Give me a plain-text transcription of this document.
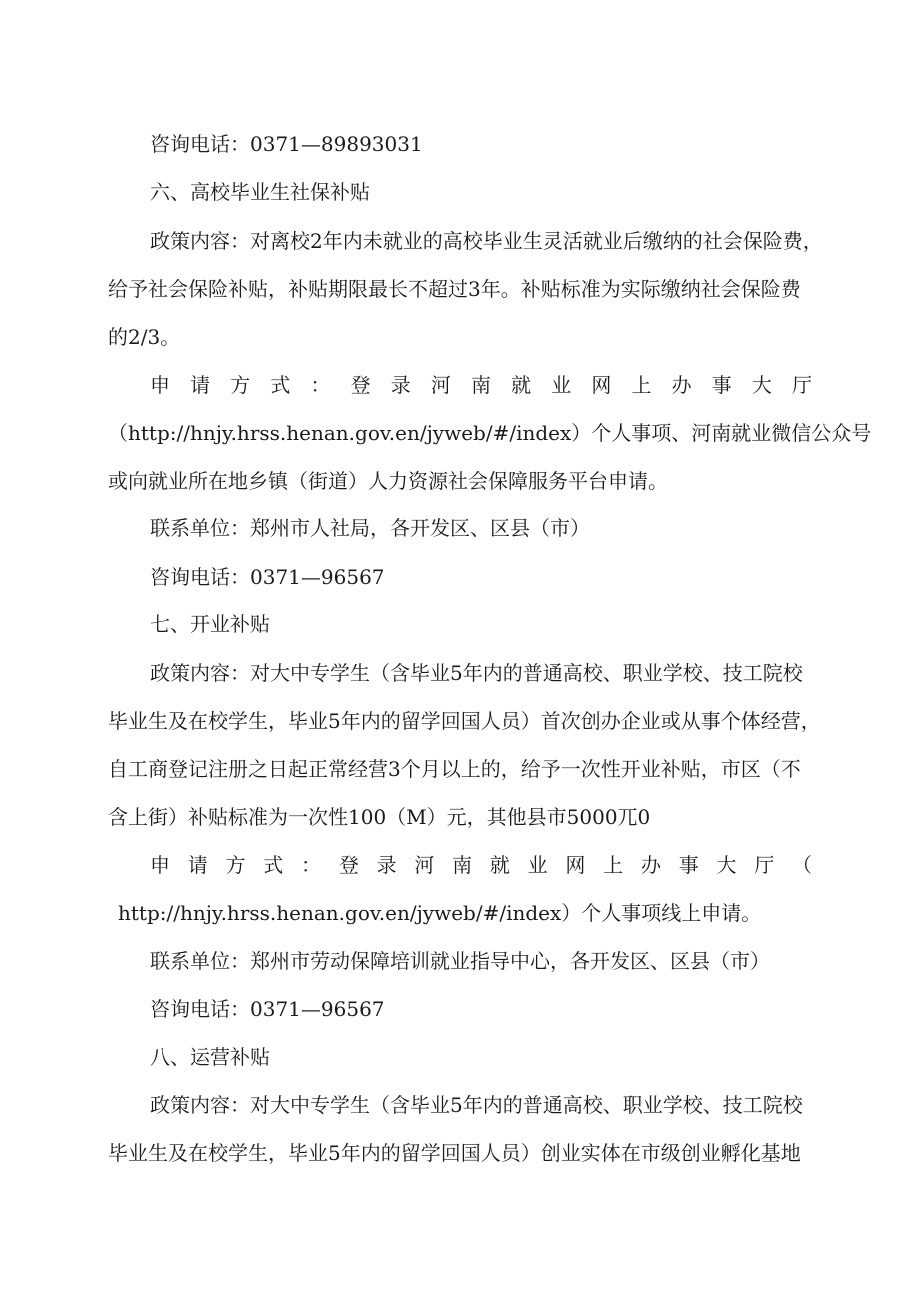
咨询电话：0371—89893031

六、高校毕业生社保补贴

政策内容：对离校2年内未就业的高校毕业生灵活就业后缴纳的社会保险费，

给予社会保险补贴，补贴期限最长不超过3年。补贴标准为实际缴纳社会保险费

的2/3。

申请方式：登录河南就业网上办事大厅

（http://hnjy.hrss.henan.gov.en/jyweb/#/index）个人事项、河南就业微信公众号

或向就业所在地乡镇（街道）人力资源社会保障服务平台申请。

联系单位：郑州市人社局，各开发区、区县（市）

咨询电话：0371—96567

七、开业补贴

政策内容：对大中专学生（含毕业5年内的普通高校、职业学校、技工院校

毕业生及在校学生，毕业5年内的留学回国人员）首次创办企业或从事个体经营，

自工商登记注册之日起正常经营3个月以上的，给予一次性开业补贴，市区（不

含上街）补贴标准为一次性100（M）元，其他县市5000兀0

申请方式：登录河南就业网上办事大厅（

http://hnjy.hrss.henan.gov.en/jyweb/#/index）个人事项线上申请。

联系单位：郑州市劳动保障培训就业指导中心，各开发区、区县（市）

咨询电话：0371—96567

八、运营补贴

政策内容：对大中专学生（含毕业5年内的普通高校、职业学校、技工院校

毕业生及在校学生，毕业5年内的留学回国人员）创业实体在市级创业孵化基地
